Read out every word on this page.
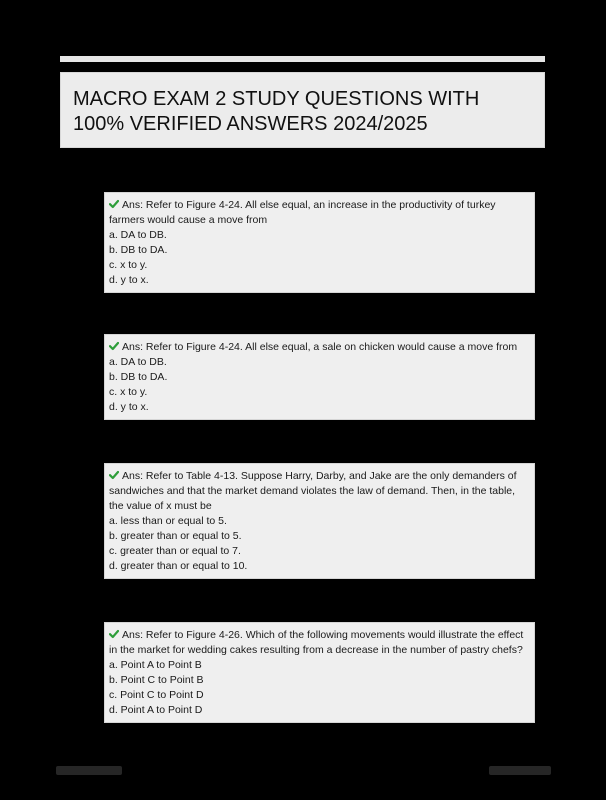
MACRO EXAM 2 STUDY QUESTIONS WITH 100% VERIFIED ANSWERS 2024/2025

Ans: Refer to Figure 4-24. All else equal, an increase in the productivity of turkey farmers would cause a move from

a. DA to DB.

b. DB to DA.

c. x to y.

d. y to x.

Ans: Refer to Figure 4-24. All else equal, a sale on chicken would cause a move from

a. DA to DB.

b. DB to DA.

c. x to y.

d. y to x.

Ans: Refer to Table 4-13. Suppose Harry, Darby, and Jake are the only demanders of sandwiches and that the market demand violates the law of demand. Then, in the table, the value of x must be

a. less than or equal to 5.

b. greater than or equal to 5.

c. greater than or equal to 7.

d. greater than or equal to 10.

Ans: Refer to Figure 4-26. Which of the following movements would illustrate the effect in the market for wedding cakes resulting from a decrease in the number of pastry chefs?

a. Point A to Point B

b. Point C to Point B

c. Point C to Point D

d. Point A to Point D
